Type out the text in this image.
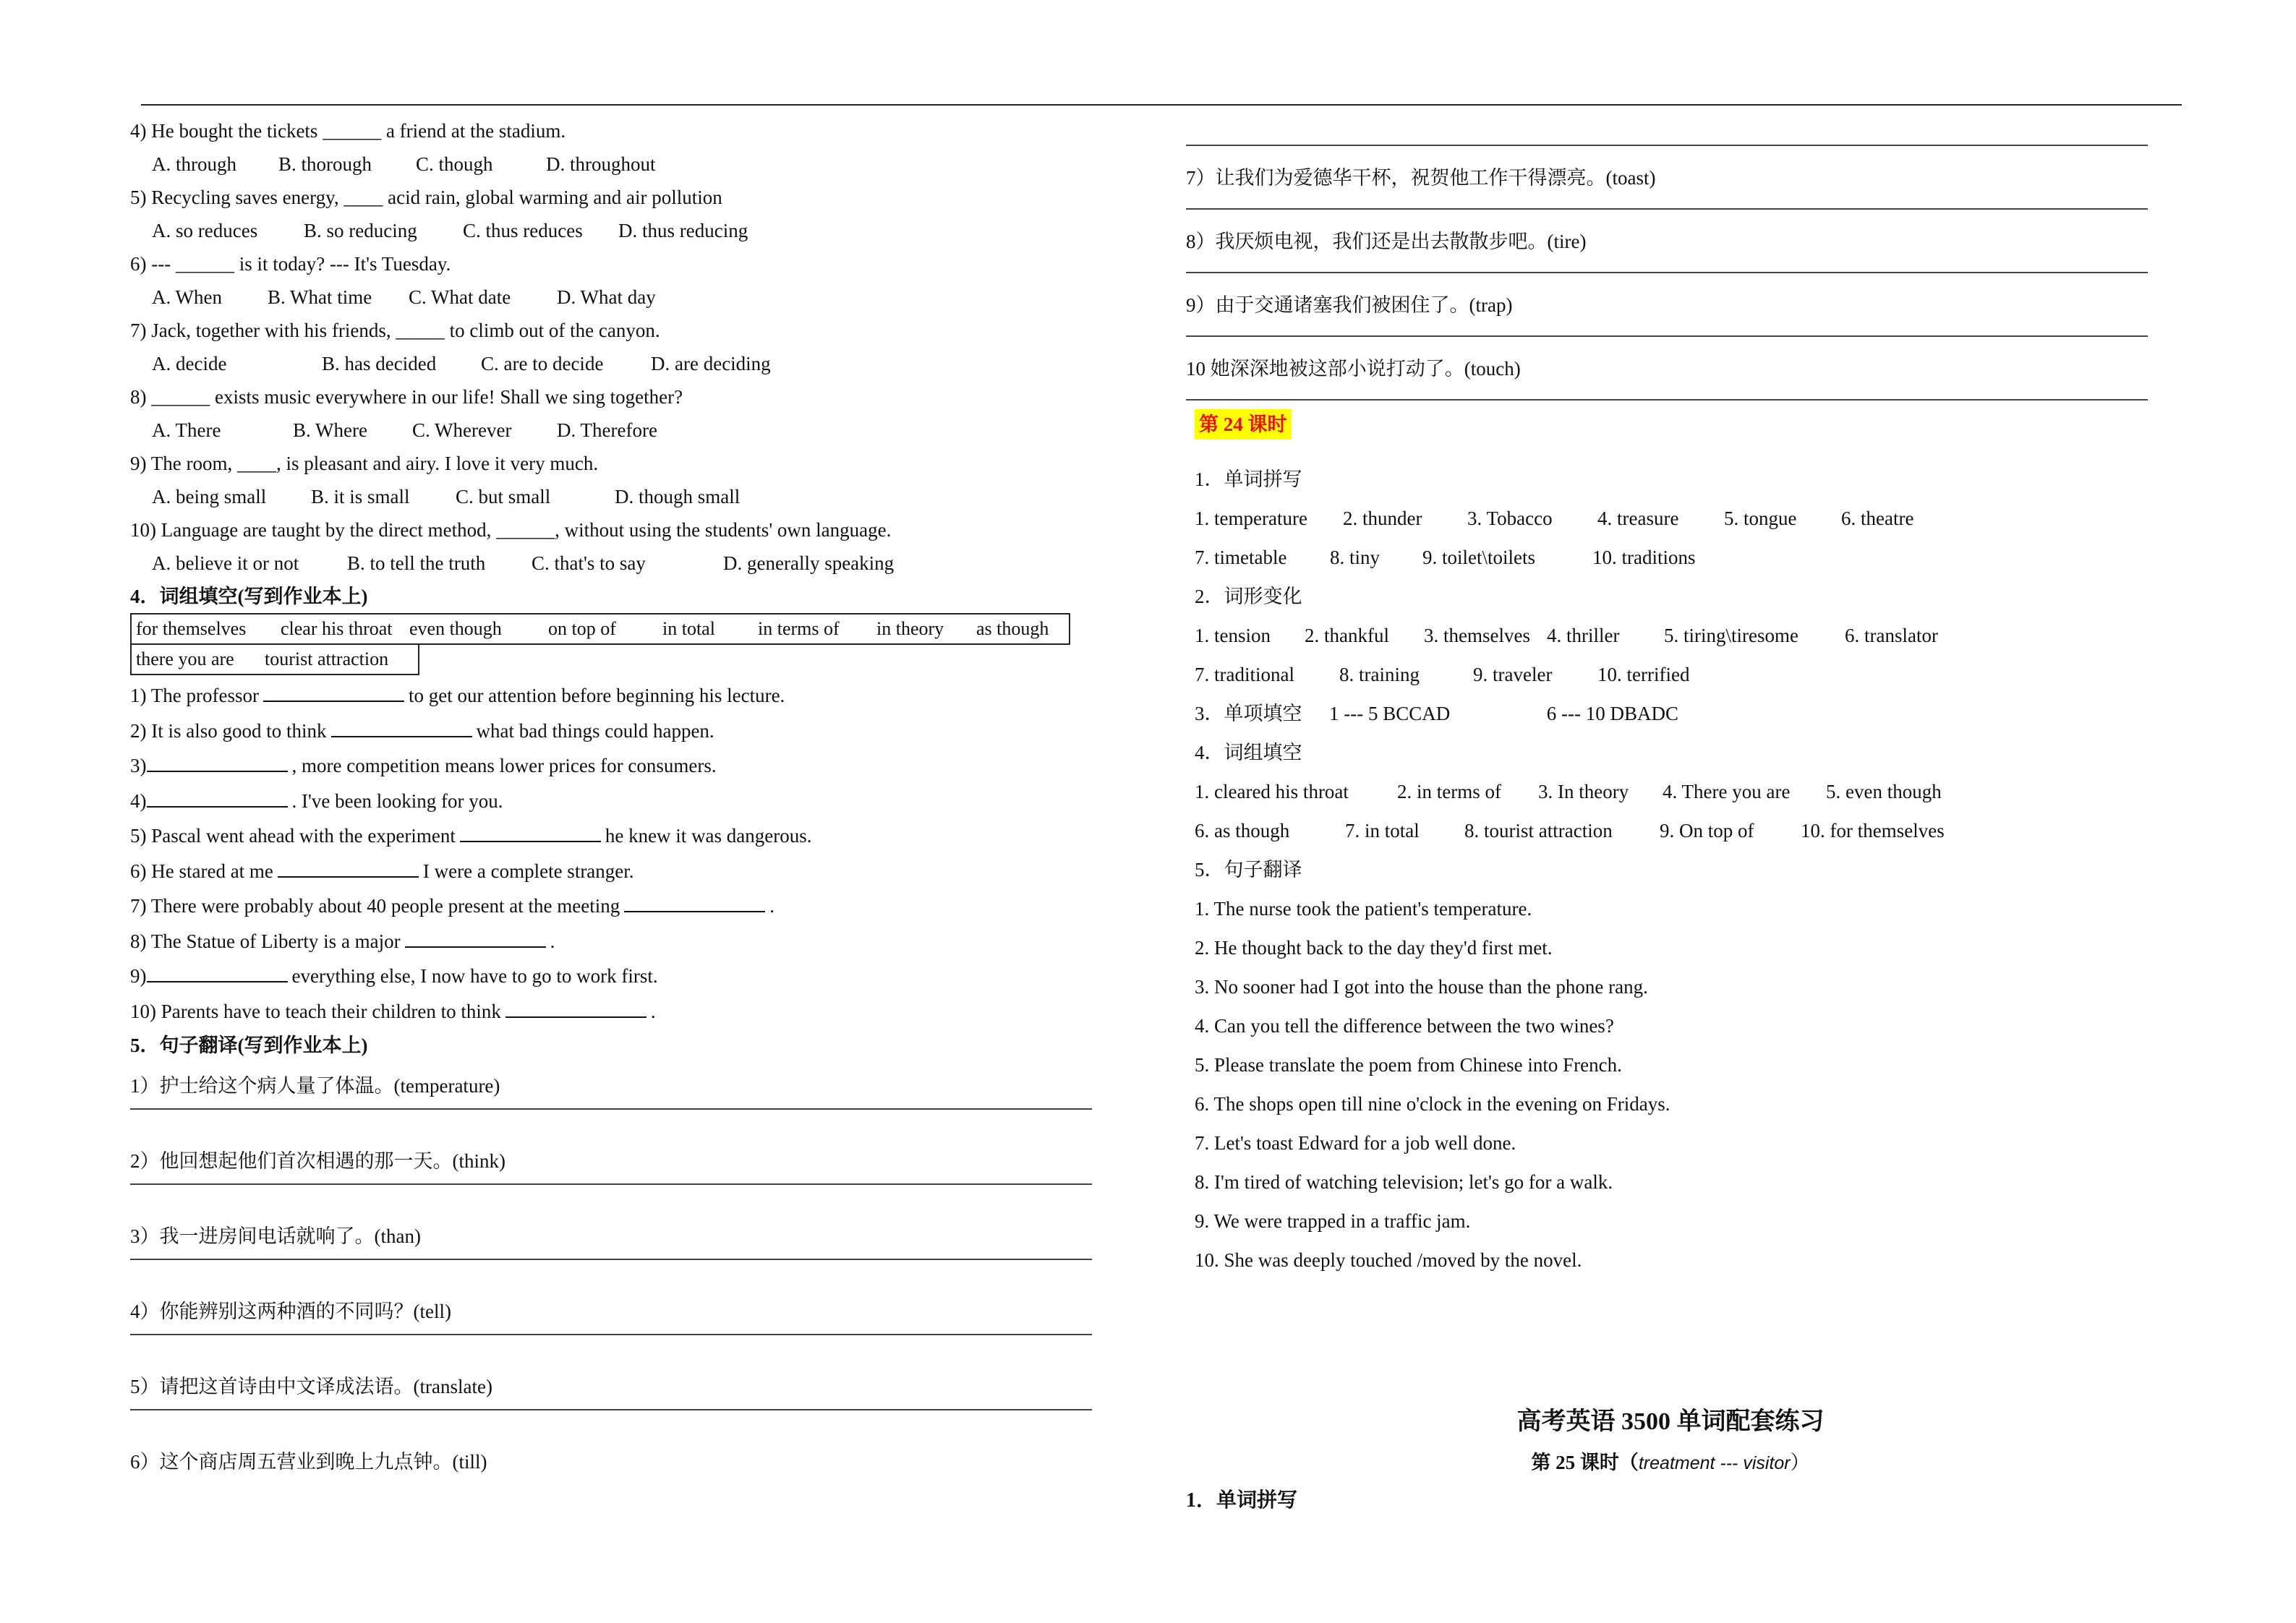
4) He bought the tickets ______ a friend at the stadium.
A. through B. thorough C. though	D. throughout
5) Recycling saves energy, ____ acid rain, global warming and air pollution
A. so reduces B. so reducing C. thus reduces D. thus reducing
6) --- ______ is it today? --- It's Tuesday.
A. When B. What time C. What date D. What day
7) Jack, together with his friends, _____ to climb out of the canyon.
A. decide	B. has decided C. are to decide D. are deciding
8) ______ exists music everywhere in our life! Shall we sing together?
A. There	B. Where C. Wherever D. Therefore
9) The room, ____, is pleasant and airy. I love it very much.
A. being small B. it is small C. but small	D. though small
10) Language are taught by the direct method, ______, without using the students' own language.
A. believe it or not B. to tell the truth C. that's to say	D. generally speaking
4．词组填空(写到作业本上)
for themselves clear his throat even though on top of in total in terms of in theory as though
there you are tourist attraction
1) The professor	to get our attention before beginning his lecture.
2) It is also good to think	what bad things could happen.
3)	, more competition means lower prices for consumers.
4)	. I've been looking for you.
5) Pascal went ahead with the experiment	he knew it was dangerous.
6) He stared at me	I were a complete stranger.
7) There were probably about 40 people present at the meeting	.
8) The Statue of Liberty is a major	.
9)	everything else, I now have to go to work first.
10) Parents have to teach their children to think	.
5．句子翻译(写到作业本上)
1）护士给这个病人量了体温。(temperature)
2）他回想起他们首次相遇的那一天。(think)
3）我一进房间电话就响了。(than)
4）你能辨别这两种酒的不同吗？(tell)
5）请把这首诗由中文译成法语。(translate)
6）这个商店周五营业到晚上九点钟。(till)
7）让我们为爱德华干杯，祝贺他工作干得漂亮。(toast)
8）我厌烦电视，我们还是出去散散步吧。(tire)
9）由于交通诸塞我们被困住了。(trap)
10 她深深地被这部小说打动了。(touch)
第 24 课时
1．单词拼写
1. temperature 2. thunder 3. Tobacco 4. treasure 5. tongue 6. theatre
7. timetable 8. tiny 9. toilet\toilets	10. traditions
2．词形变化
1. tension 2. thankful 3. themselves 4. thriller 5. tiring\tiresome 6. translator
7. traditional 8. training	9. traveler 10. terrified
3．单项填空 1 --- 5 BCCAD	6 --- 10 DBADC
4．词组填空
1. cleared his throat 2. in terms of 3. In theory 4. There you are 5. even though
6. as though	7. in total 8. tourist attraction 9. On top of 10. for themselves
5．句子翻译
1. The nurse took the patient's temperature.
2. He thought back to the day they'd first met.
3. No sooner had I got into the house than the phone rang.
4. Can you tell the difference between the two wines?
5. Please translate the poem from Chinese into French.
6. The shops open till nine o'clock in the evening on Fridays.
7. Let's toast Edward for a job well done.
8. I'm tired of watching television; let's go for a walk.
9. We were trapped in a traffic jam.
10. She was deeply touched /moved by the novel.
高考英语 3500 单词配套练习
第 25 课时（treatment --- visitor）
1．单词拼写
